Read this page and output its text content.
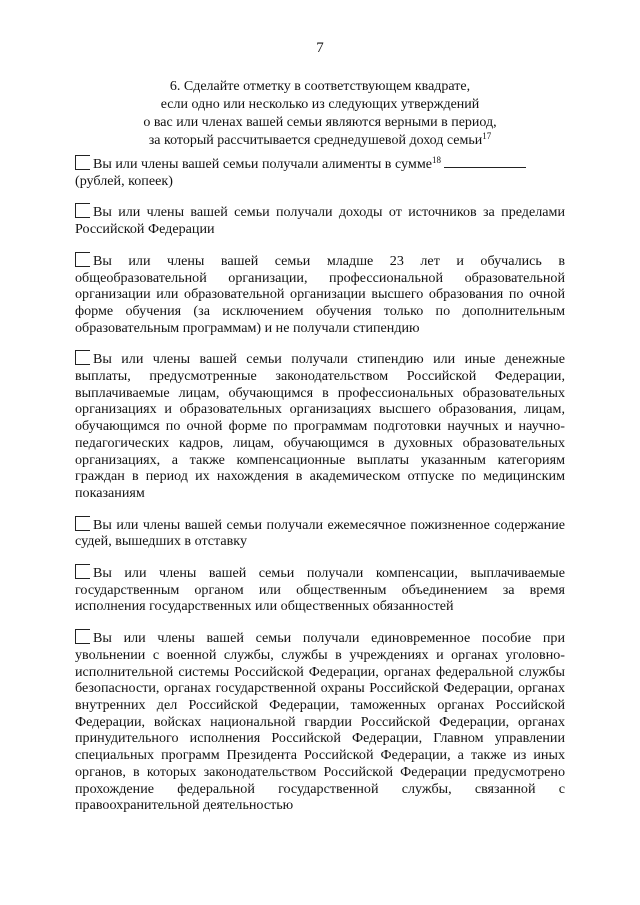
7
6. Сделайте отметку в соответствующем квадрате,
если одно или несколько из следующих утверждений
о вас или членах вашей семьи являются верными в период,
за который рассчитывается среднедушевой доход семьи$^{17}$
Вы или члены вашей семьи получали алименты в сумме$^{18}$
(рублей, копеек)
Вы или члены вашей семьи получали доходы от источников за пределами Российской Федерации
Вы или члены вашей семьи младше 23 лет и обучались в общеобразовательной организации, профессиональной образовательной организации или образовательной организации высшего образования по очной форме обучения (за исключением обучения только по дополнительным образовательным программам) и не получали стипендию
Вы или члены вашей семьи получали стипендию или иные денежные выплаты, предусмотренные законодательством Российской Федерации, выплачиваемые лицам, обучающимся в профессиональных образовательных организациях и образовательных организациях высшего образования, лицам, обучающимся по очной форме по программам подготовки научных и научно-педагогических кадров, лицам, обучающимся в духовных образовательных организациях, а также компенсационные выплаты указанным категориям граждан в период их нахождения в академическом отпуске по медицинским показаниям
Вы или члены вашей семьи получали ежемесячное пожизненное содержание судей, вышедших в отставку
Вы или члены вашей семьи получали компенсации, выплачиваемые государственным органом или общественным объединением за время исполнения государственных или общественных обязанностей
Вы или члены вашей семьи получали единовременное пособие при увольнении с военной службы, службы в учреждениях и органах уголовно-исполнительной системы Российской Федерации, органах федеральной службы безопасности, органах государственной охраны Российской Федерации, органах внутренних дел Российской Федерации, таможенных органах Российской Федерации, войсках национальной гвардии Российской Федерации, органах принудительного исполнения Российской Федерации, Главном управлении специальных программ Президента Российской Федерации, а также из иных органов, в которых законодательством Российской Федерации предусмотрено прохождение федеральной государственной службы, связанной с правоохранительной деятельностью
